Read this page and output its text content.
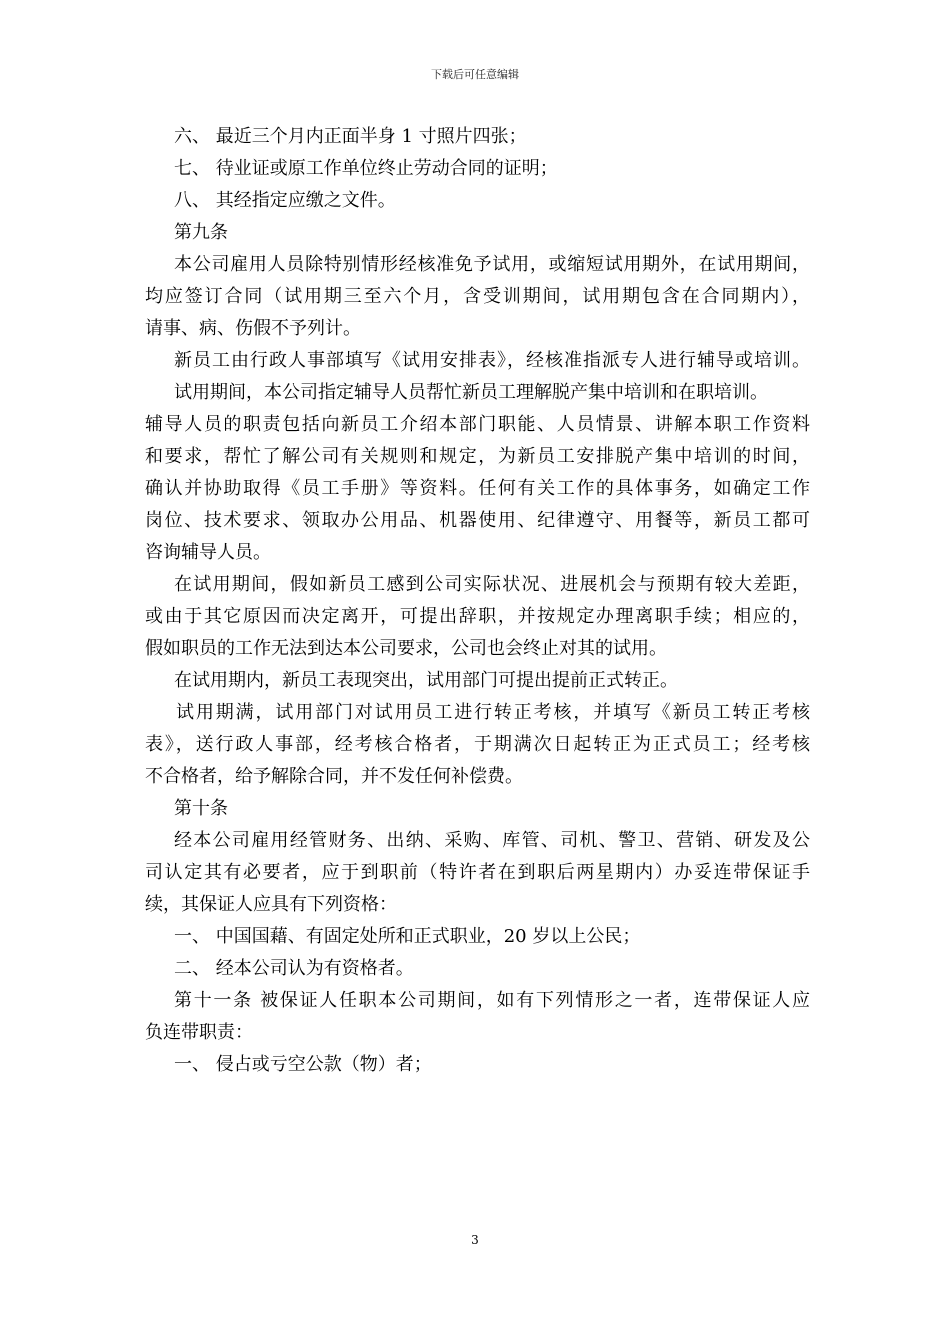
下载后可任意编辑
六、 最近三个月内正面半身 1 寸照片四张；
七、 待业证或原工作单位终止劳动合同的证明；
八、 其经指定应缴之文件。
第九条
本公司雇用人员除特别情形经核准免予试用，或缩短试用期外，在试用期间，
均应签订合同（试用期三至六个月，含受训期间，试用期包含在合同期内），
请事、病、伤假不予列计。
新员工由行政人事部填写《试用安排表》，经核准指派专人进行辅导或培训。
试用期间，本公司指定辅导人员帮忙新员工理解脱产集中培训和在职培训。
辅导人员的职责包括向新员工介绍本部门职能、人员情景、讲解本职工作资料
和要求，帮忙了解公司有关规则和规定，为新员工安排脱产集中培训的时间，
确认并协助取得《员工手册》等资料。任何有关工作的具体事务，如确定工作
岗位、技术要求、领取办公用品、机器使用、纪律遵守、用餐等，新员工都可
咨询辅导人员。
在试用期间，假如新员工感到公司实际状况、进展机会与预期有较大差距，
或由于其它原因而决定离开，可提出辞职，并按规定办理离职手续；相应的，
假如职员的工作无法到达本公司要求，公司也会终止对其的试用。
在试用期内，新员工表现突出，试用部门可提出提前正式转正。
试用期满，试用部门对试用员工进行转正考核，并填写《新员工转正考核
表》，送行政人事部，经考核合格者，于期满次日起转正为正式员工；经考核
不合格者，给予解除合同，并不发任何补偿费。
第十条
经本公司雇用经管财务、出纳、采购、库管、司机、警卫、营销、研发及公
司认定其有必要者，应于到职前（特许者在到职后两星期内）办妥连带保证手
续，其保证人应具有下列资格：
一、 中国国藉、有固定处所和正式职业，20 岁以上公民；
二、 经本公司认为有资格者。
第十一条 被保证人任职本公司期间，如有下列情形之一者，连带保证人应
负连带职责：
一、 侵占或亏空公款（物）者；
3
